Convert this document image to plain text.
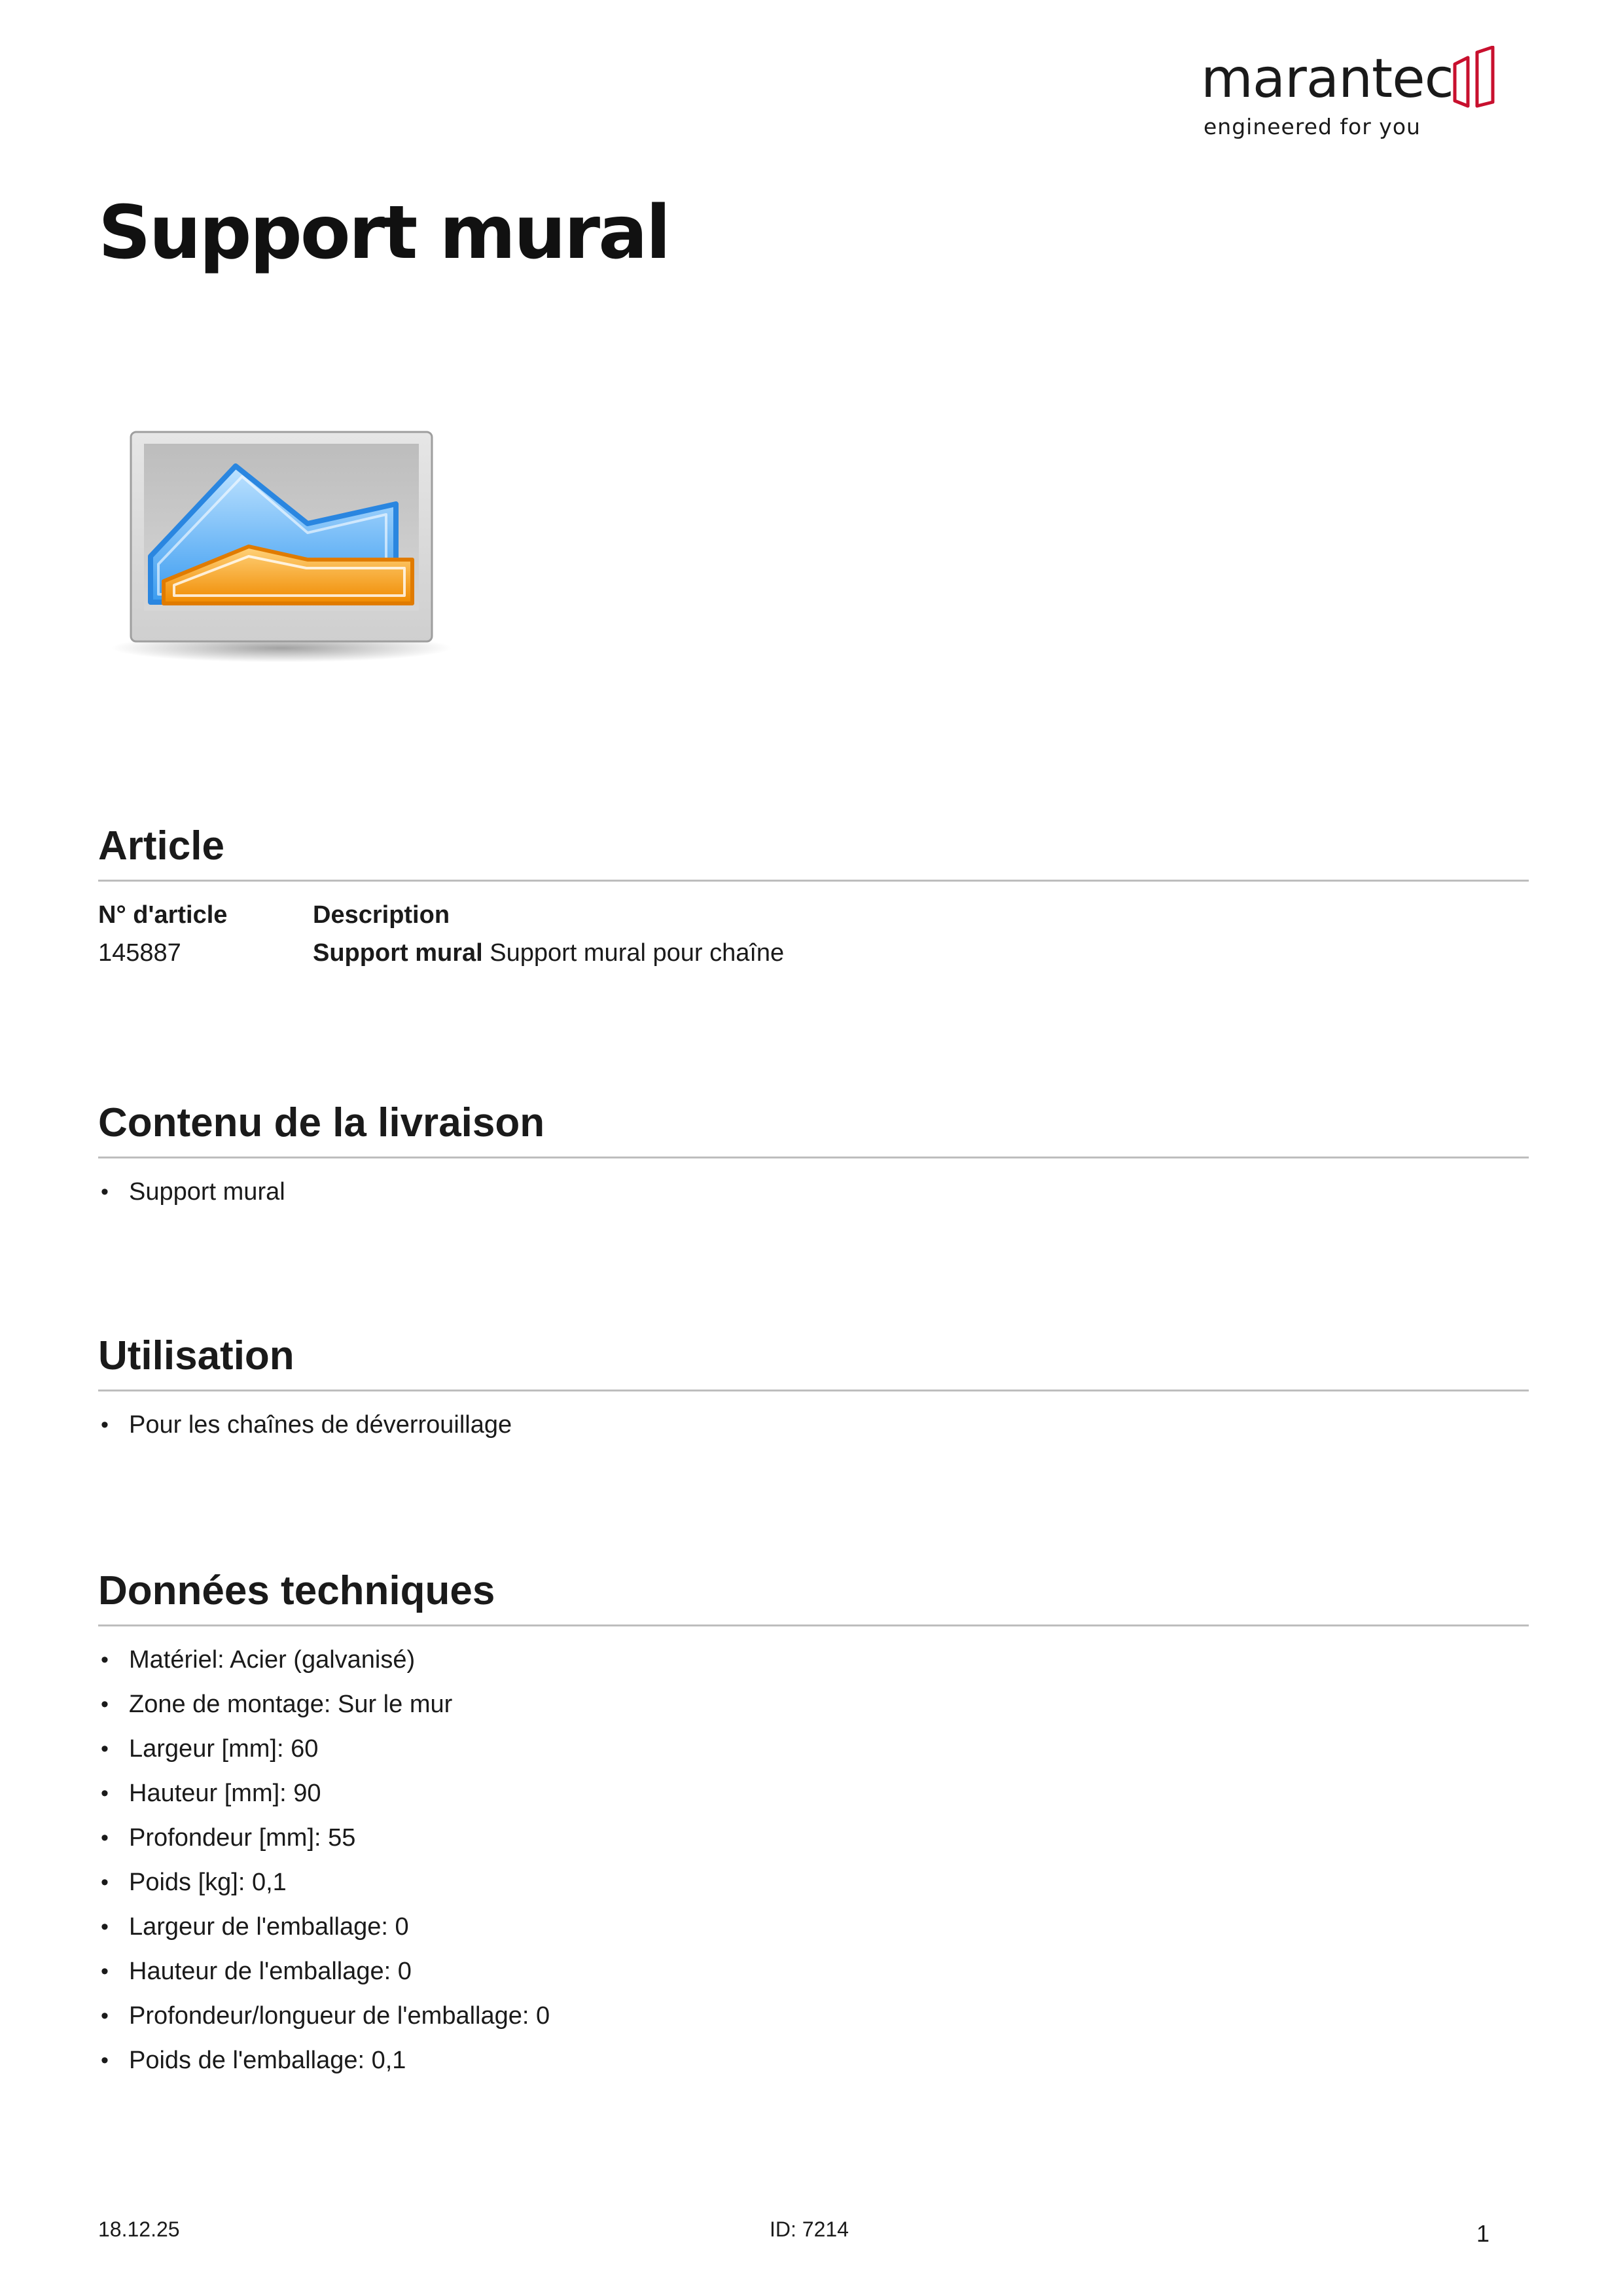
marantec
engineered for you
Support mural
Article
N° d'article	Description
145887	Support mural Support mural pour chaîne
Contenu de la livraison
• Support mural
Utilisation
• Pour les chaînes de déverrouillage
Données techniques
• Matériel: Acier (galvanisé)
• Zone de montage: Sur le mur
• Largeur [mm]: 60
• Hauteur [mm]: 90
• Profondeur [mm]: 55
• Poids [kg]: 0,1
• Largeur de l'emballage: 0
• Hauteur de l'emballage: 0
• Profondeur/longueur de l'emballage: 0
• Poids de l'emballage: 0,1
18.12.25	ID: 7214	1
